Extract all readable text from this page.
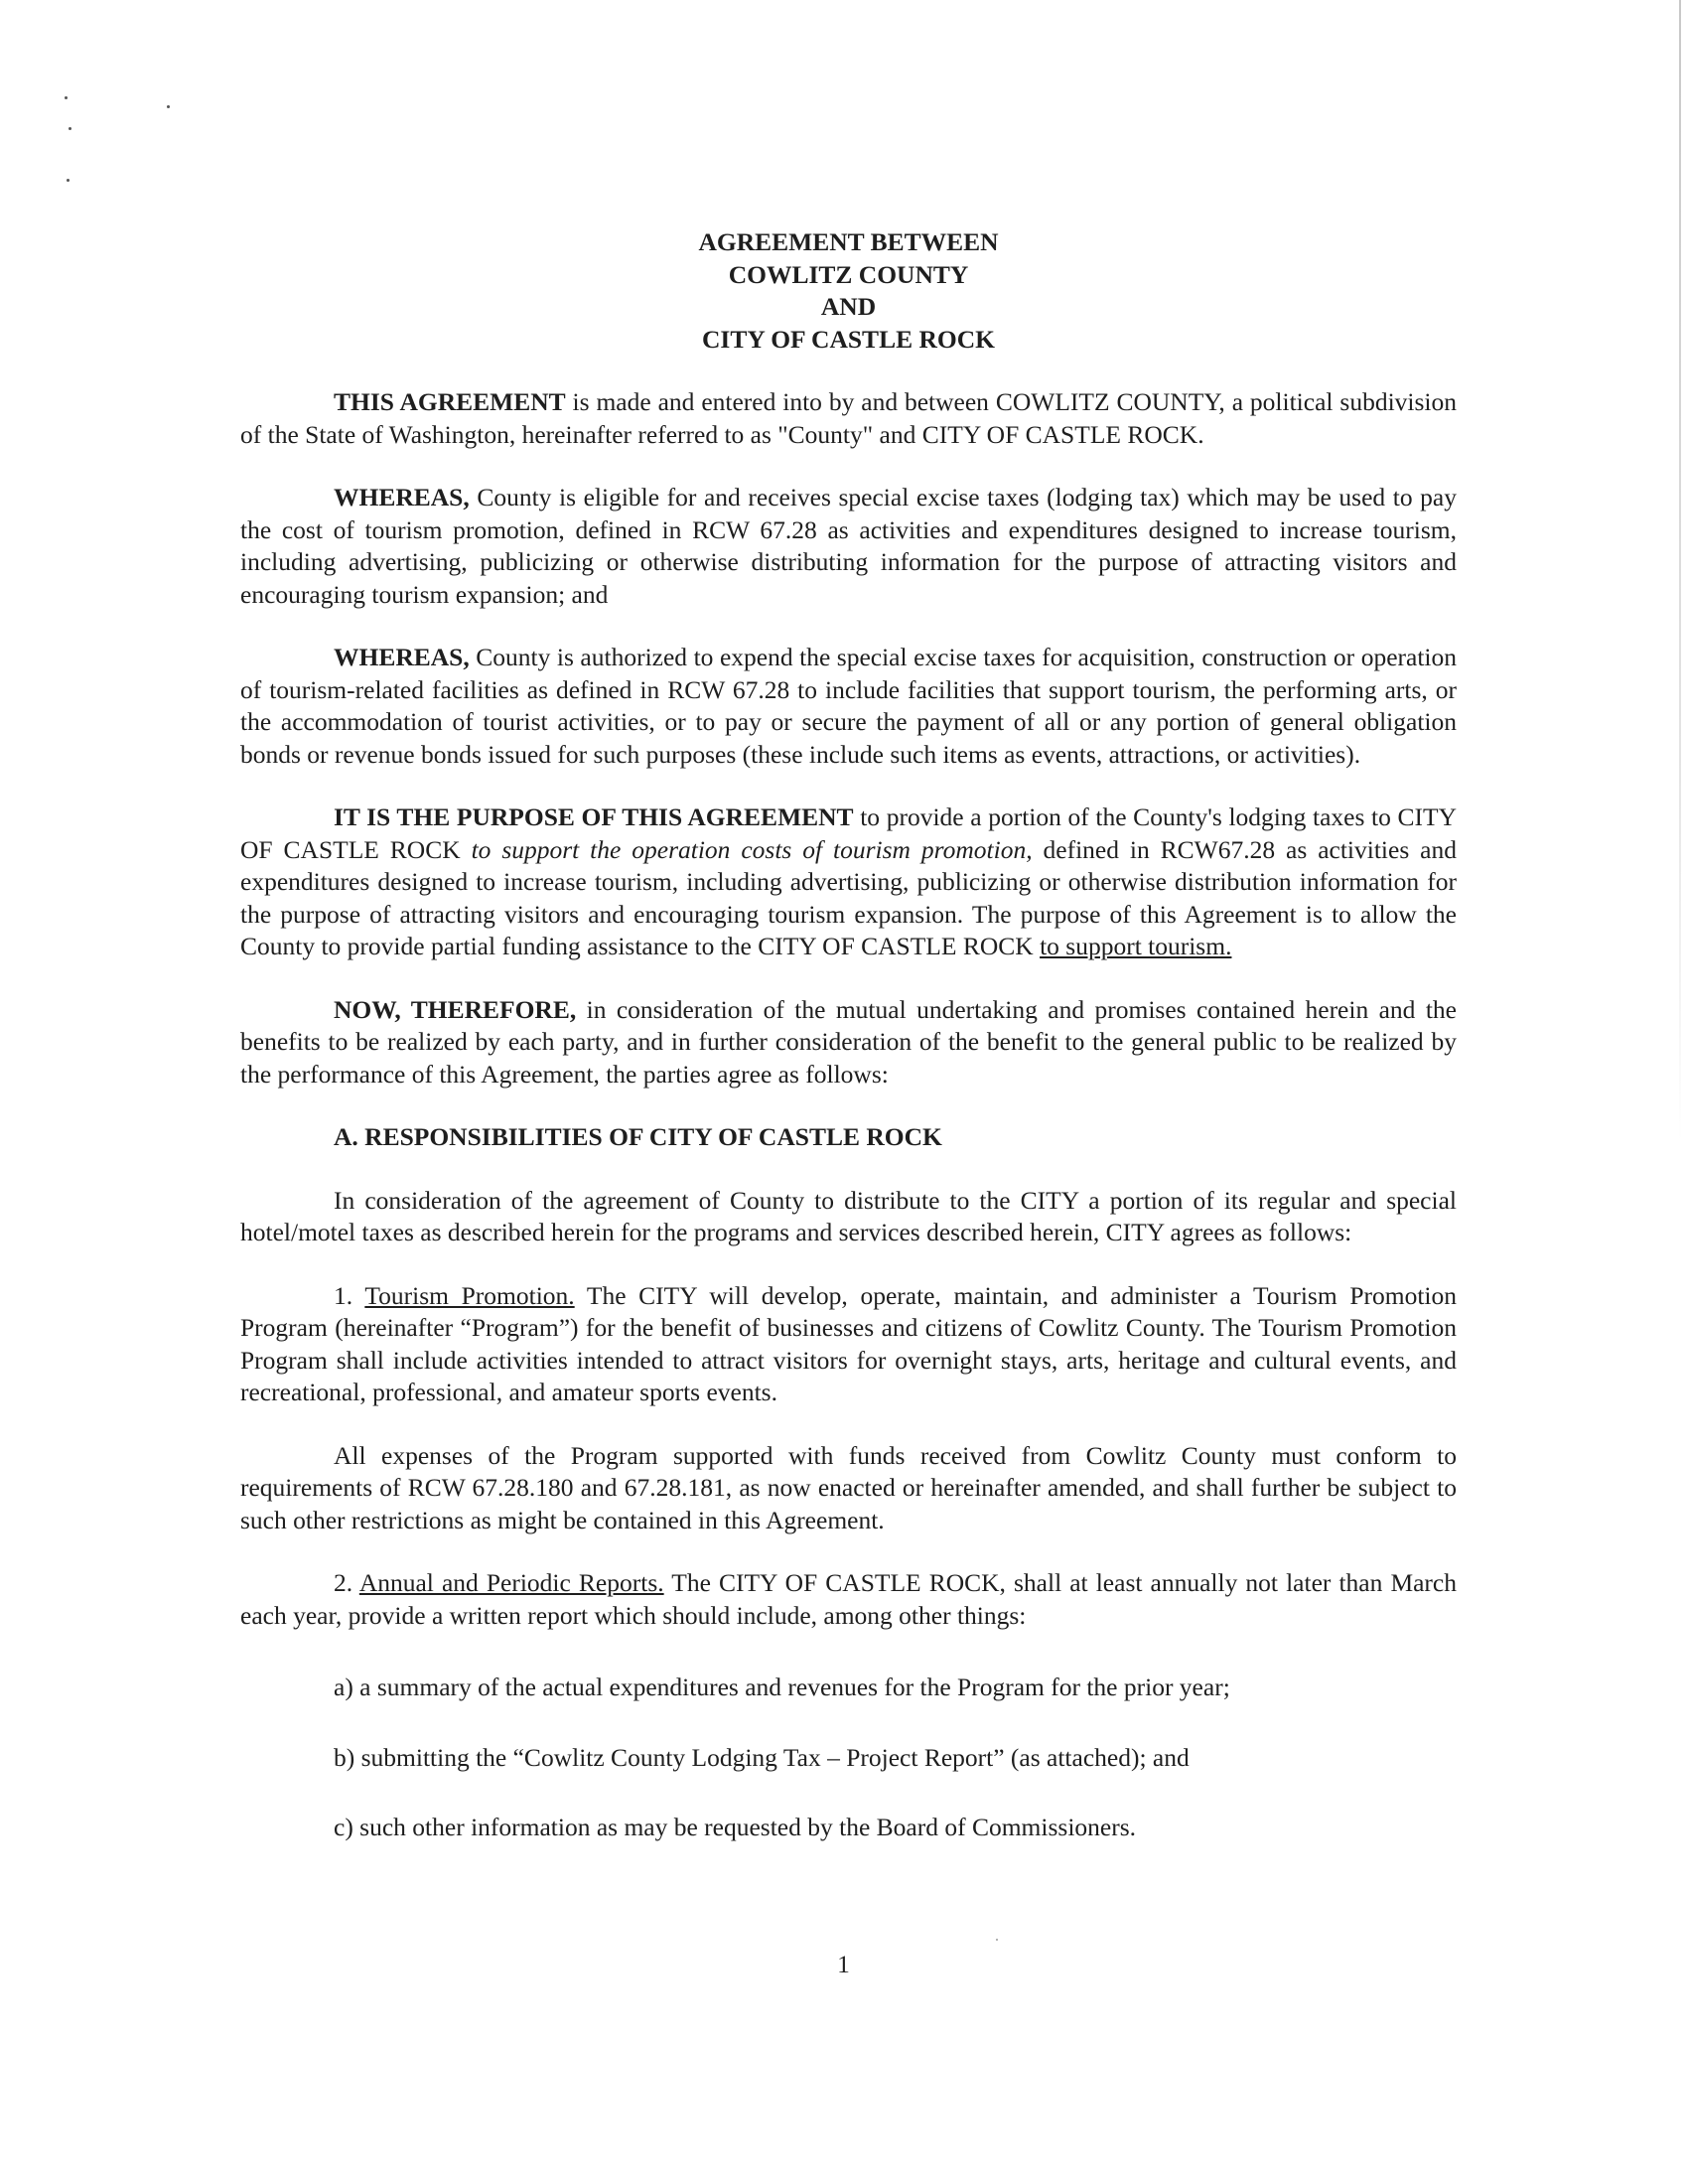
AGREEMENT BETWEEN
COWLITZ COUNTY
AND
CITY OF CASTLE ROCK

THIS AGREEMENT is made and entered into by and between COWLITZ COUNTY, a political subdivision of the State of Washington, hereinafter referred to as "County" and CITY OF CASTLE ROCK.

WHEREAS, County is eligible for and receives special excise taxes (lodging tax) which may be used to pay the cost of tourism promotion, defined in RCW 67.28 as activities and expenditures designed to increase tourism, including advertising, publicizing or otherwise distributing information for the purpose of attracting visitors and encouraging tourism expansion; and

WHEREAS, County is authorized to expend the special excise taxes for acquisition, construction or operation of tourism-related facilities as defined in RCW 67.28 to include facilities that support tourism, the performing arts, or the accommodation of tourist activities, or to pay or secure the payment of all or any portion of general obligation bonds or revenue bonds issued for such purposes (these include such items as events, attractions, or activities).

IT IS THE PURPOSE OF THIS AGREEMENT to provide a portion of the County's lodging taxes to CITY OF CASTLE ROCK to support the operation costs of tourism promotion, defined in RCW67.28 as activities and expenditures designed to increase tourism, including advertising, publicizing or otherwise distribution information for the purpose of attracting visitors and encouraging tourism expansion. The purpose of this Agreement is to allow the County to provide partial funding assistance to the CITY OF CASTLE ROCK to support tourism.

NOW, THEREFORE, in consideration of the mutual undertaking and promises contained herein and the benefits to be realized by each party, and in further consideration of the benefit to the general public to be realized by the performance of this Agreement, the parties agree as follows:

A. RESPONSIBILITIES OF CITY OF CASTLE ROCK

In consideration of the agreement of County to distribute to the CITY a portion of its regular and special hotel/motel taxes as described herein for the programs and services described herein, CITY agrees as follows:

1. Tourism Promotion. The CITY will develop, operate, maintain, and administer a Tourism Promotion Program (hereinafter “Program”) for the benefit of businesses and citizens of Cowlitz County. The Tourism Promotion Program shall include activities intended to attract visitors for overnight stays, arts, heritage and cultural events, and recreational, professional, and amateur sports events.

All expenses of the Program supported with funds received from Cowlitz County must conform to requirements of RCW 67.28.180 and 67.28.181, as now enacted or hereinafter amended, and shall further be subject to such other restrictions as might be contained in this Agreement.

2. Annual and Periodic Reports. The CITY OF CASTLE ROCK, shall at least annually not later than March each year, provide a written report which should include, among other things:

a) a summary of the actual expenditures and revenues for the Program for the prior year;
b) submitting the “Cowlitz County Lodging Tax – Project Report” (as attached); and
c) such other information as may be requested by the Board of Commissioners.
1
